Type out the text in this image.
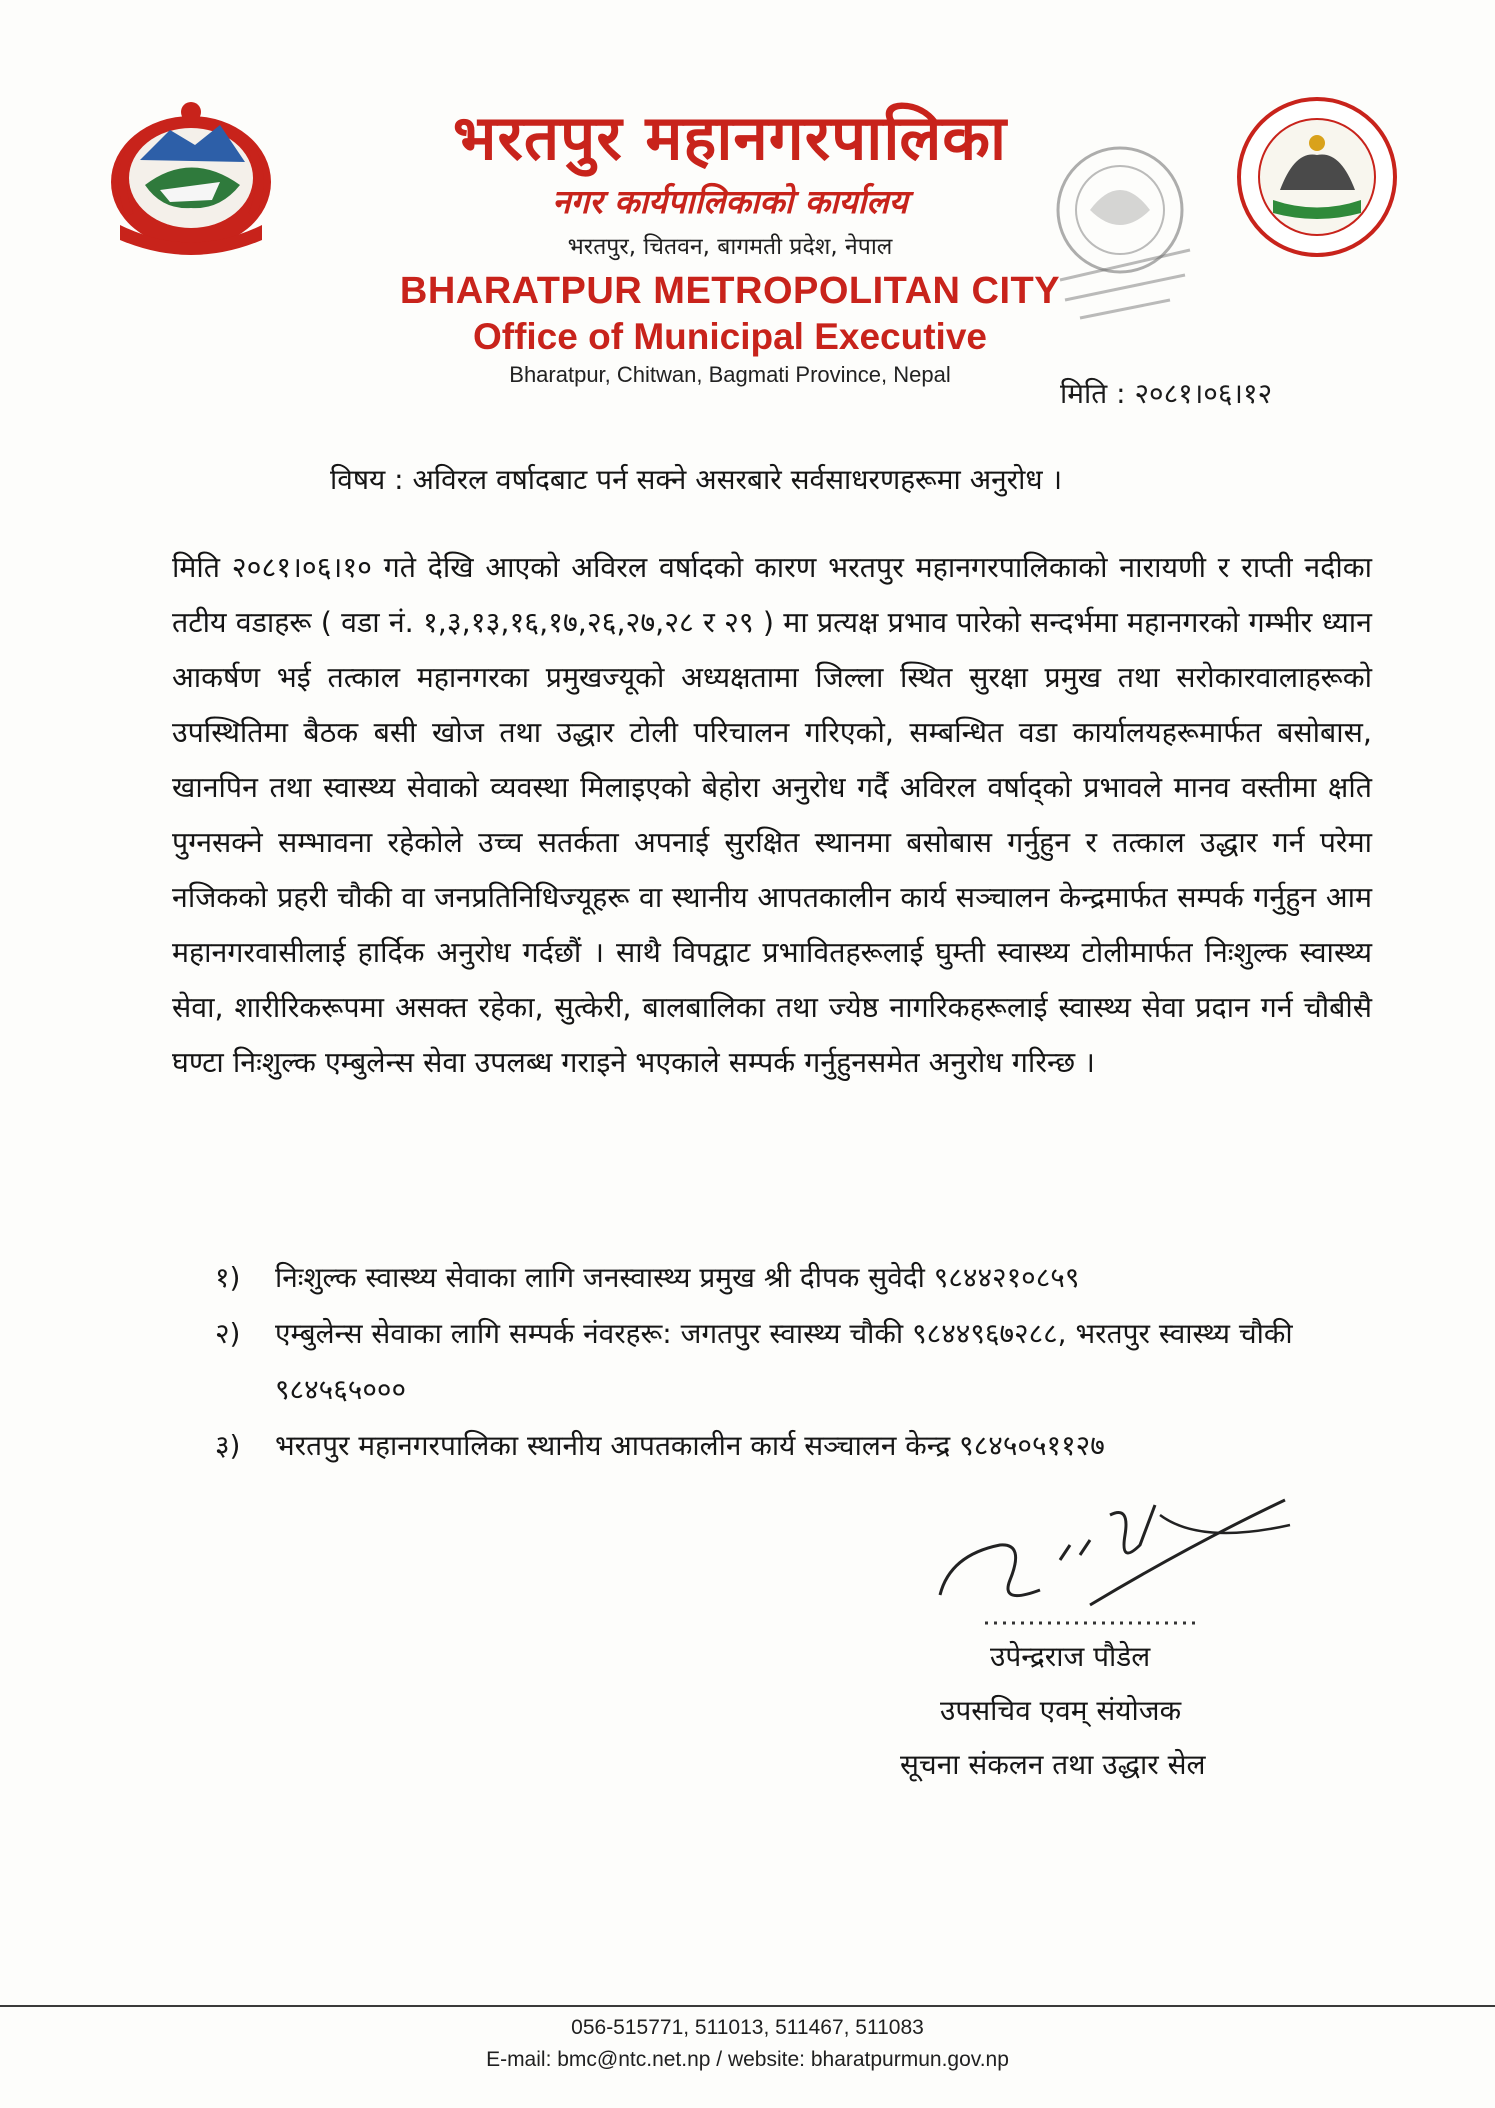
भरतपुर महानगरपालिका
नगर कार्यपालिकाको कार्यालय
भरतपुर, चितवन, बागमती प्रदेश, नेपाल
BHARATPUR METROPOLITAN CITY
Office of Municipal Executive
Bharatpur, Chitwan, Bagmati Province, Nepal
मिति : २०८१।०६।१२
विषय : अविरल वर्षादबाट पर्न सक्ने असरबारे सर्वसाधरणहरूमा अनुरोध ।
मिति २०८१।०६।१० गते देखि आएको अविरल वर्षादको कारण भरतपुर महानगरपालिकाको नारायणी र राप्ती नदीका तटीय वडाहरू ( वडा नं. १,३,१३,१६,१७,२६,२७,२८ र २९ ) मा प्रत्यक्ष प्रभाव पारेको सन्दर्भमा महानगरको गम्भीर ध्यान आकर्षण भई तत्काल महानगरका प्रमुखज्यूको अध्यक्षतामा जिल्ला स्थित सुरक्षा प्रमुख तथा सरोकारवालाहरूको उपस्थितिमा बैठक बसी खोज तथा उद्धार टोली परिचालन गरिएको, सम्बन्धित वडा कार्यालयहरूमार्फत बसोबास, खानपिन तथा स्वास्थ्य सेवाको व्यवस्था मिलाइएको बेहोरा अनुरोध गर्दै अविरल वर्षाद्को प्रभावले मानव वस्तीमा क्षति पुग्नसक्ने सम्भावना रहेकोले उच्च सतर्कता अपनाई सुरक्षित स्थानमा बसोबास गर्नुहुन र तत्काल उद्धार गर्न परेमा नजिकको प्रहरी चौकी वा जनप्रतिनिधिज्यूहरू वा स्थानीय आपतकालीन कार्य सञ्चालन केन्द्रमार्फत सम्पर्क गर्नुहुन आम महानगरवासीलाई हार्दिक अनुरोध गर्दछौं । साथै विपद्वाट प्रभावितहरूलाई घुम्ती स्वास्थ्य टोलीमार्फत निःशुल्क स्वास्थ्य सेवा, शारीरिकरूपमा असक्त रहेका, सुत्केरी, बालबालिका तथा ज्येष्ठ नागरिकहरूलाई स्वास्थ्य सेवा प्रदान गर्न चौबीसै घण्टा निःशुल्क एम्बुलेन्स सेवा उपलब्ध गराइने भएकाले सम्पर्क गर्नुहुनसमेत अनुरोध गरिन्छ ।
१)	निःशुल्क स्वास्थ्य सेवाका लागि जनस्वास्थ्य प्रमुख श्री दीपक सुवेदी ९८४४२१०८५९
२)	एम्बुलेन्स सेवाका लागि सम्पर्क नंवरहरू: जगतपुर स्वास्थ्य चौकी ९८४४९६७२८८, भरतपुर स्वास्थ्य चौकी ९८४५६५०००
३)	भरतपुर महानगरपालिका स्थानीय आपतकालीन कार्य सञ्चालन केन्द्र ९८४५०५११२७
उपेन्द्रराज पौडेल
उपसचिव एवम् संयोजक
सूचना संकलन तथा उद्धार सेल
056-515771, 511013, 511467, 511083
E-mail: bmc@ntc.net.np / website: bharatpurmun.gov.np
